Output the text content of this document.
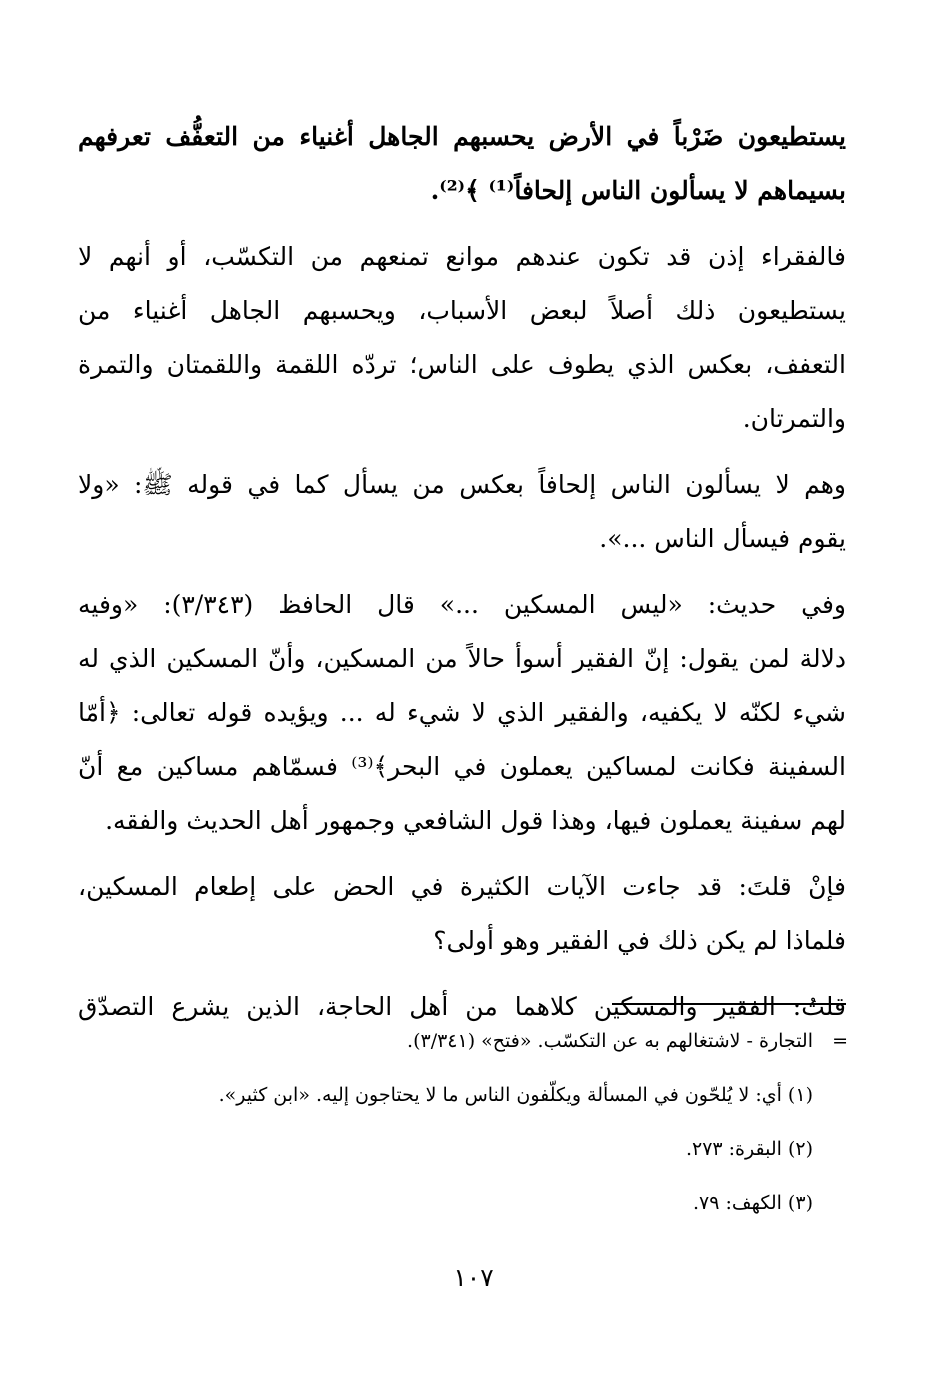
يستطيعون ضَرْباً في الأرض يحسبهم الجاهل أغنياء من التعفُّف تعرفهم
بسيماهم لا يسألون الناس إلحافاً⁽¹⁾ ﴾⁽²⁾.
فالفقراء إذن قد تكون عندهم موانع تمنعهم من التكسّب، أو أنهم لا
يستطيعون ذلك أصلاً لبعض الأسباب، ويحسبهم الجاهل أغنياء من
التعفف، بعكس الذي يطوف على الناس؛ تردّه اللقمة واللقمتان والتمرة
والتمرتان.
وهم لا يسألون الناس إلحافاً بعكس من يسأل كما في قوله ﷺ: «ولا
يقوم فيسأل الناس ...».
وفي حديث: «ليس المسكين ...» قال الحافظ (٣/٣٤٣): «وفيه
دلالة لمن يقول: إنّ الفقير أسوأ حالاً من المسكين، وأنّ المسكين الذي له
شيء لكنّه لا يكفيه، والفقير الذي لا شيء له ... ويؤيده قوله تعالى: ﴿أمّا
السفينة فكانت لمساكين يعملون في البحر﴾⁽³⁾ فسمّاهم مساكين مع أنّ
لهم سفينة يعملون فيها، وهذا قول الشافعي وجمهور أهل الحديث والفقه.
فإنْ قلتَ: قد جاءت الآيات الكثيرة في الحض على إطعام المسكين،
فلماذا لم يكن ذلك في الفقير وهو أولى؟
قلتُ: الفقير والمسكين كلاهما من أهل الحاجة، الذين يشرع التصدّق
=
التجارة - لاشتغالهم به عن التكسّب. «فتح» (٣/٣٤١).
(١) أي: لا يُلحّون في المسألة ويكلّفون الناس ما لا يحتاجون إليه. «ابن كثير».
(٢) البقرة: ٢٧٣.
(٣) الكهف: ٧٩.
١٠٧
